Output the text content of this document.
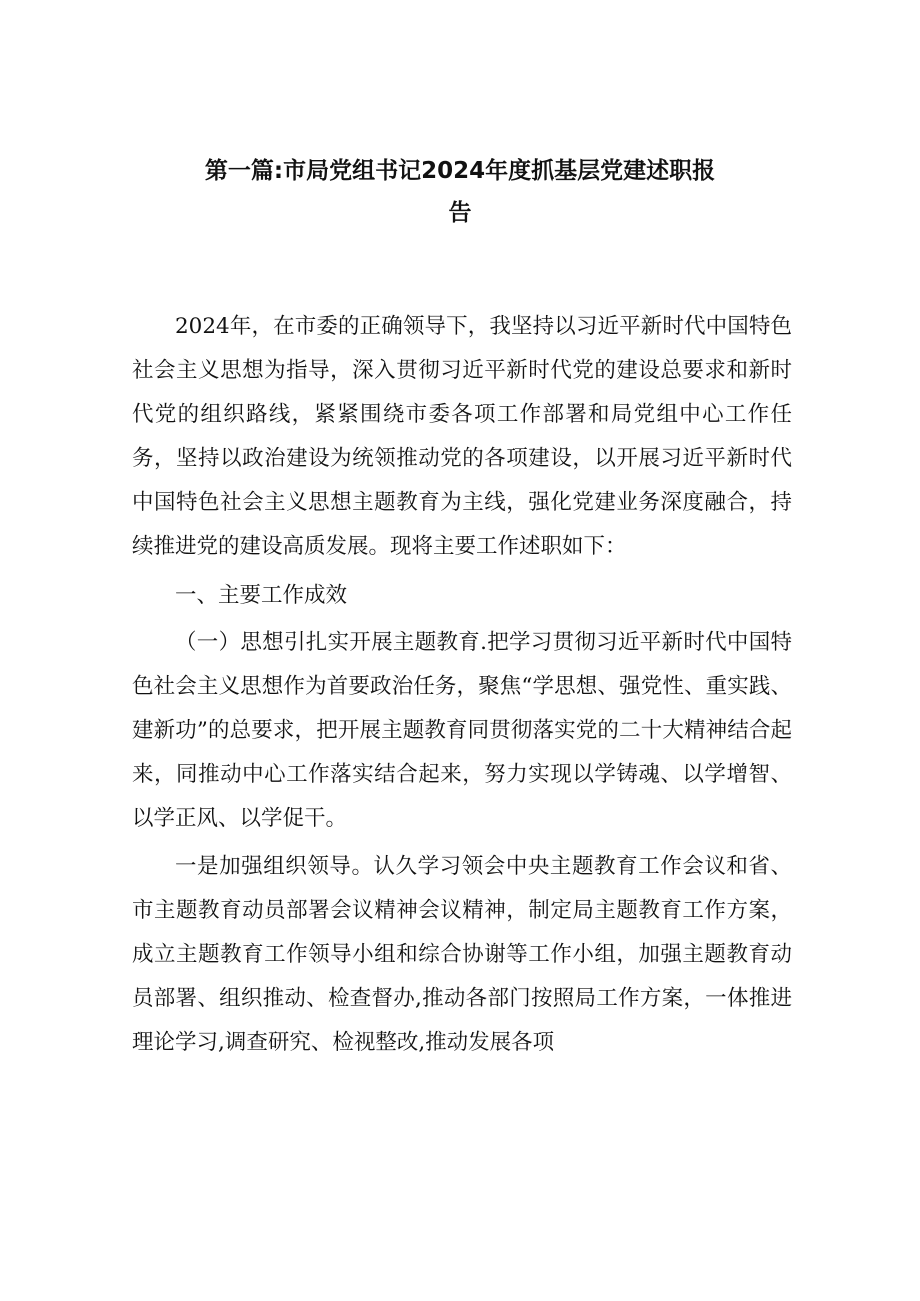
第一篇:市局党组书记2024年度抓基层党建述职报
告

2024年，在市委的正确领导下，我坚持以习近平新时代中国特色社会主义思想为指导，深入贯彻习近平新时代党的建设总要求和新时代党的组织路线，紧紧围绕市委各项工作部署和局党组中心工作任务，坚持以政治建设为统领推动党的各项建设，以开展习近平新时代中国特色社会主义思想主题教育为主线，强化党建业务深度融合，持续推进党的建设高质发展。现将主要工作述职如下：

一、主要工作成效

（一）思想引扎实开展主题教育.把学习贯彻习近平新时代中国特色社会主义思想作为首要政治任务，聚焦“学思想、强党性、重实践、建新功”的总要求，把开展主题教育同贯彻落实党的二十大精神结合起来，同推动中心工作落实结合起来，努力实现以学铸魂、以学增智、以学正风、以学促干。

一是加强组织领导。认久学习领会中央主题教育工作会议和省、市主题教育动员部署会议精神会议精神，制定局主题教育工作方案，成立主题教育工作领导小组和综合协谢等工作小组，加强主题教育动员部署、组织推动、检查督办,推动各部门按照局工作方案，一体推进理论学习,调查研究、检视整改,推动发展各项
